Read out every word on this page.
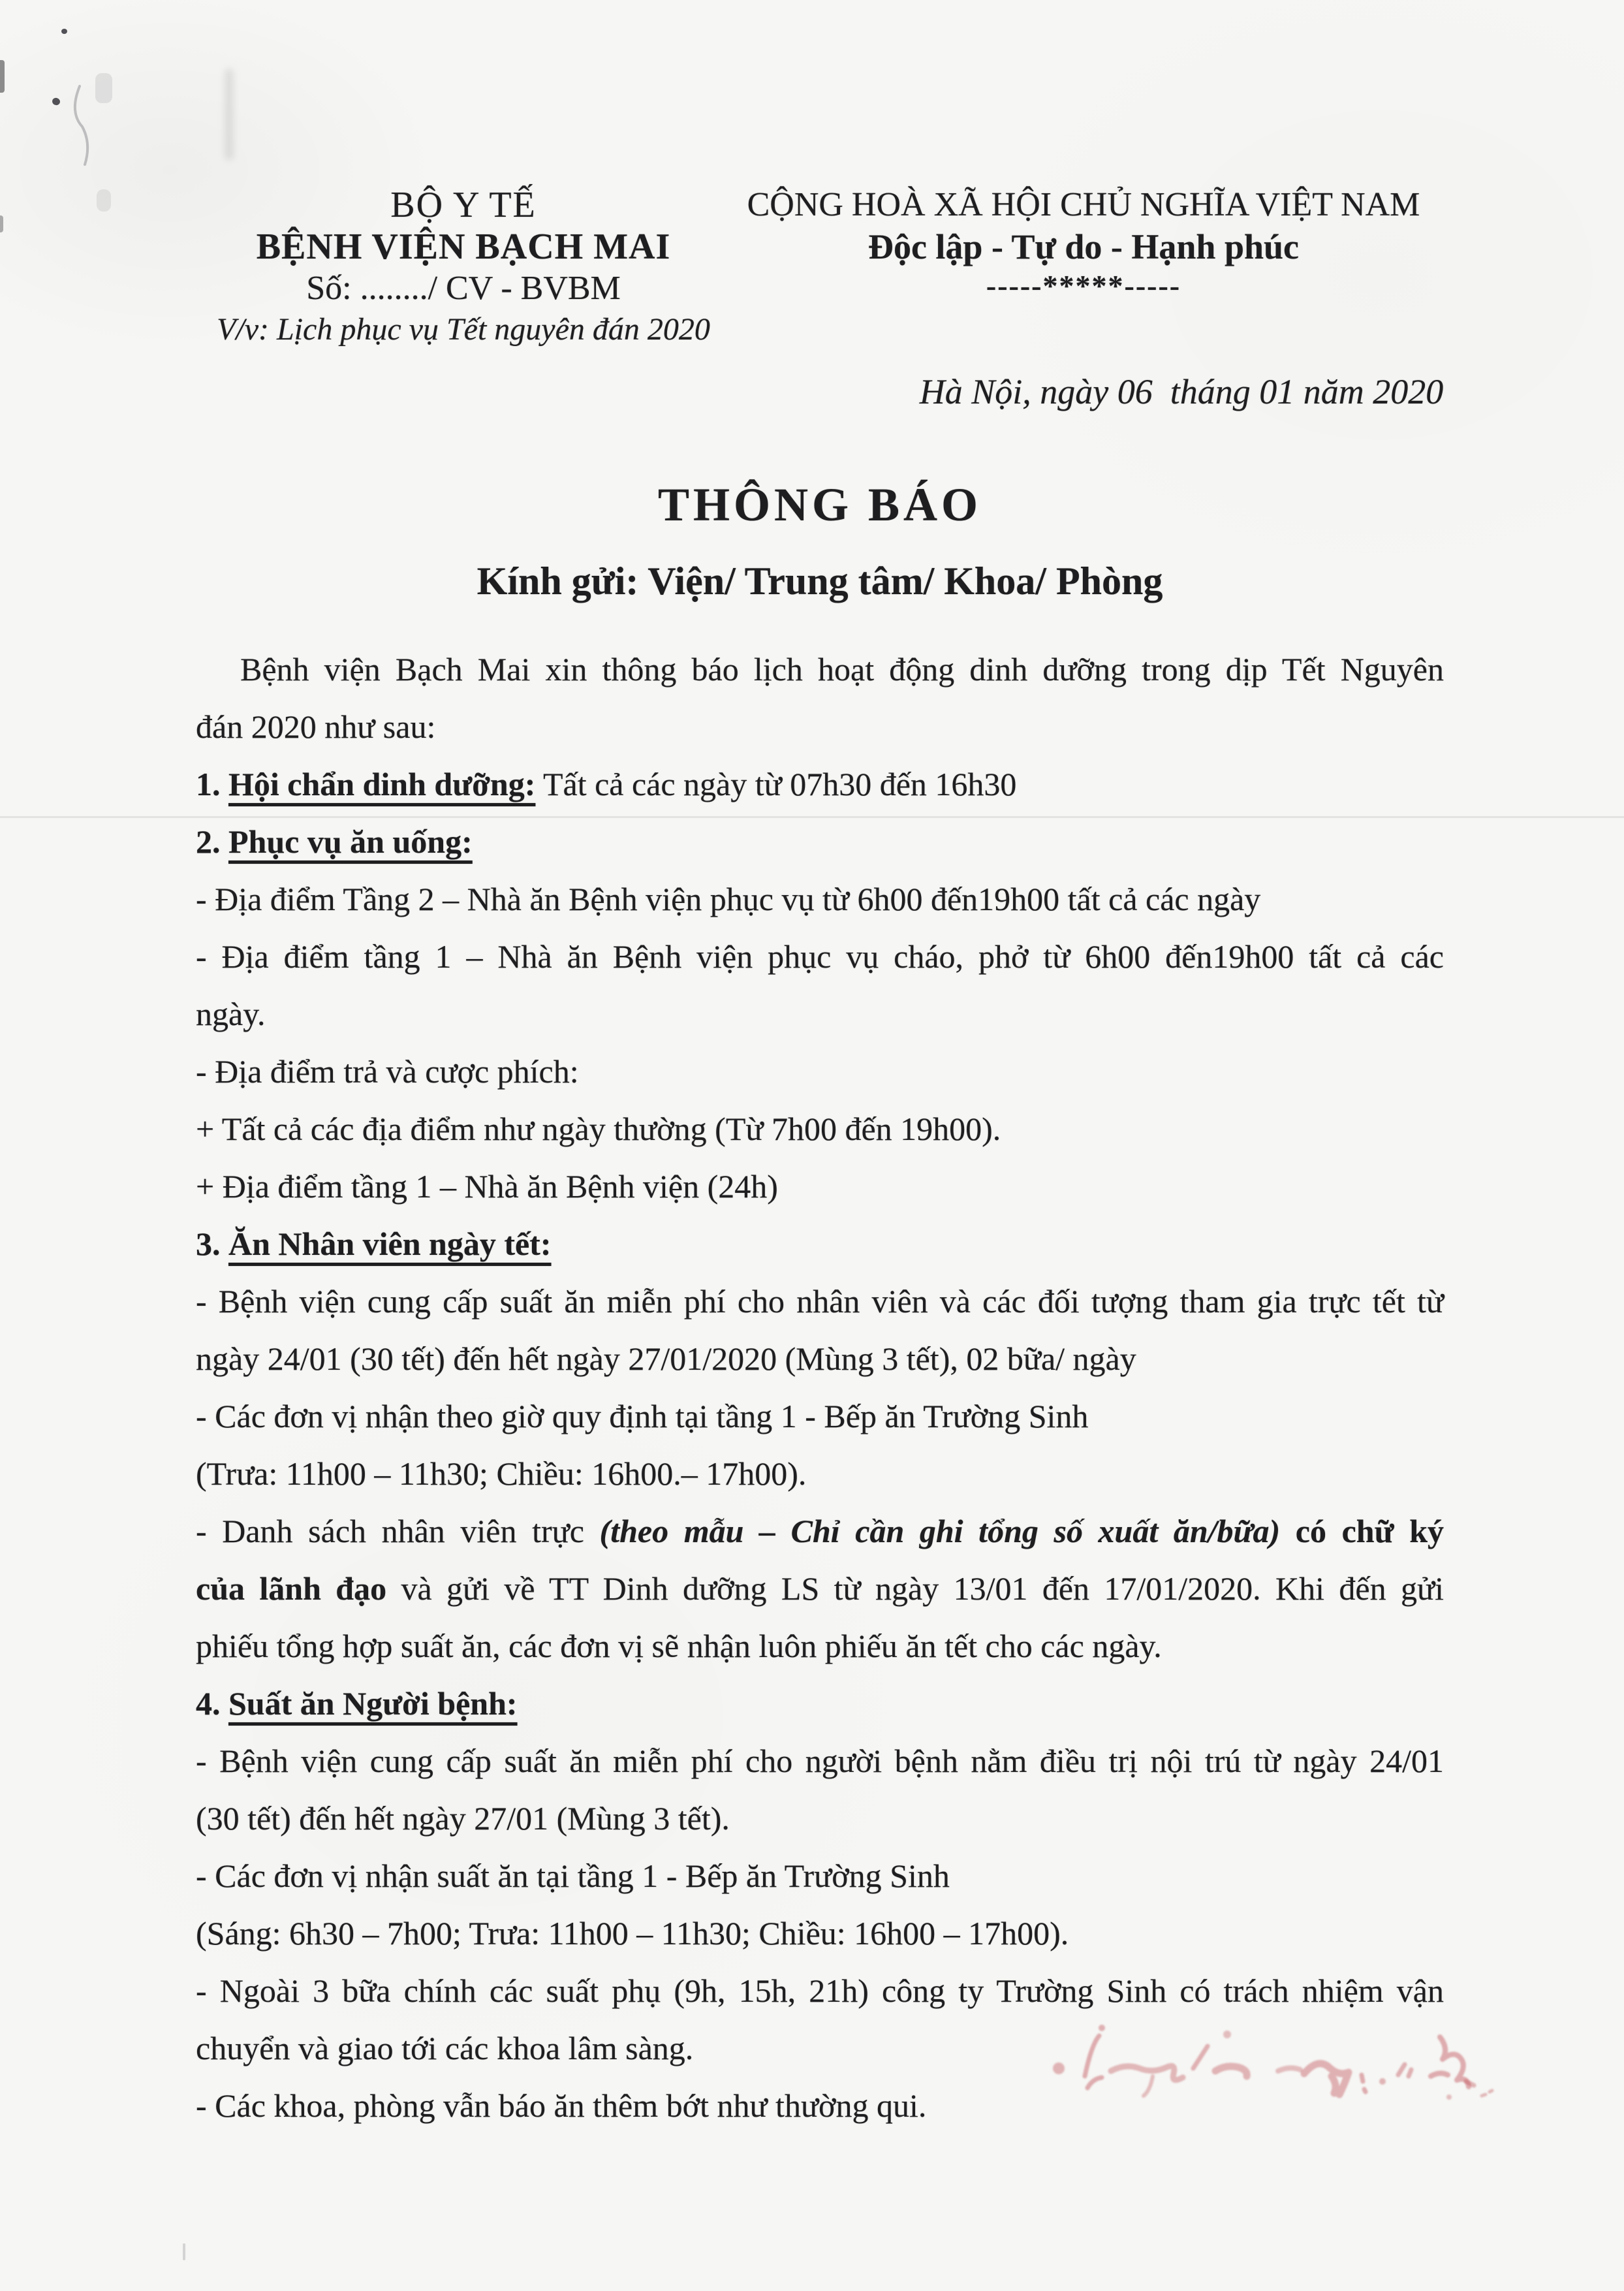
BỘ Y TẾ
BỆNH VIỆN BẠCH MAI
Số: ......../ CV - BVBM
V/v: Lịch phục vụ Tết nguyên đán 2020
CỘNG HOÀ XÃ HỘI CHỦ NGHĨA VIỆT NAM
Độc lập - Tự do - Hạnh phúc
-----*****-----
Hà Nội, ngày 06  tháng 01 năm 2020
THÔNG BÁO
Kính gửi: Viện/ Trung tâm/ Khoa/ Phòng
Bệnh viện Bạch Mai xin thông báo lịch hoạt động dinh dưỡng trong dịp Tết Nguyên
đán 2020 như sau:
1. Hội chẩn dinh dưỡng: Tất cả các ngày từ 07h30 đến 16h30
2. Phục vụ ăn uống:
- Địa điểm Tầng 2 – Nhà ăn Bệnh viện phục vụ từ 6h00 đến19h00 tất cả các ngày
- Địa điểm tầng 1 – Nhà ăn Bệnh viện phục vụ cháo, phở từ 6h00 đến19h00 tất cả các
ngày.
- Địa điểm trả và cược phích:
+ Tất cả các địa điểm như ngày thường (Từ 7h00 đến 19h00).
+ Địa điểm tầng 1 – Nhà ăn Bệnh viện (24h)
3. Ăn Nhân viên ngày tết:
- Bệnh viện cung cấp suất ăn miễn phí cho nhân viên và các đối tượng tham gia trực tết từ
ngày 24/01 (30 tết) đến hết ngày 27/01/2020 (Mùng 3 tết), 02 bữa/ ngày
- Các đơn vị nhận theo giờ quy định tại tầng 1 - Bếp ăn Trường Sinh
(Trưa: 11h00 – 11h30; Chiều: 16h00.– 17h00).
- Danh sách nhân viên trực (theo mẫu – Chỉ cần ghi tổng số xuất ăn/bữa) có chữ ký
của lãnh đạo và gửi về TT Dinh dưỡng LS từ ngày 13/01 đến 17/01/2020. Khi đến gửi
phiếu tổng hợp suất ăn, các đơn vị sẽ nhận luôn phiếu ăn tết cho các ngày.
4. Suất ăn Người bệnh:
- Bệnh viện cung cấp suất ăn miễn phí cho người bệnh nằm điều trị nội trú từ ngày 24/01
(30 tết) đến hết ngày 27/01 (Mùng 3 tết).
- Các đơn vị nhận suất ăn tại tầng 1 - Bếp ăn Trường Sinh
(Sáng: 6h30 – 7h00; Trưa: 11h00 – 11h30; Chiều: 16h00 – 17h00).
- Ngoài 3 bữa chính các suất phụ (9h, 15h, 21h) công ty Trường Sinh có trách nhiệm vận
chuyển và giao tới các khoa lâm sàng.
- Các khoa, phòng vẫn báo ăn thêm bớt như thường qui.
